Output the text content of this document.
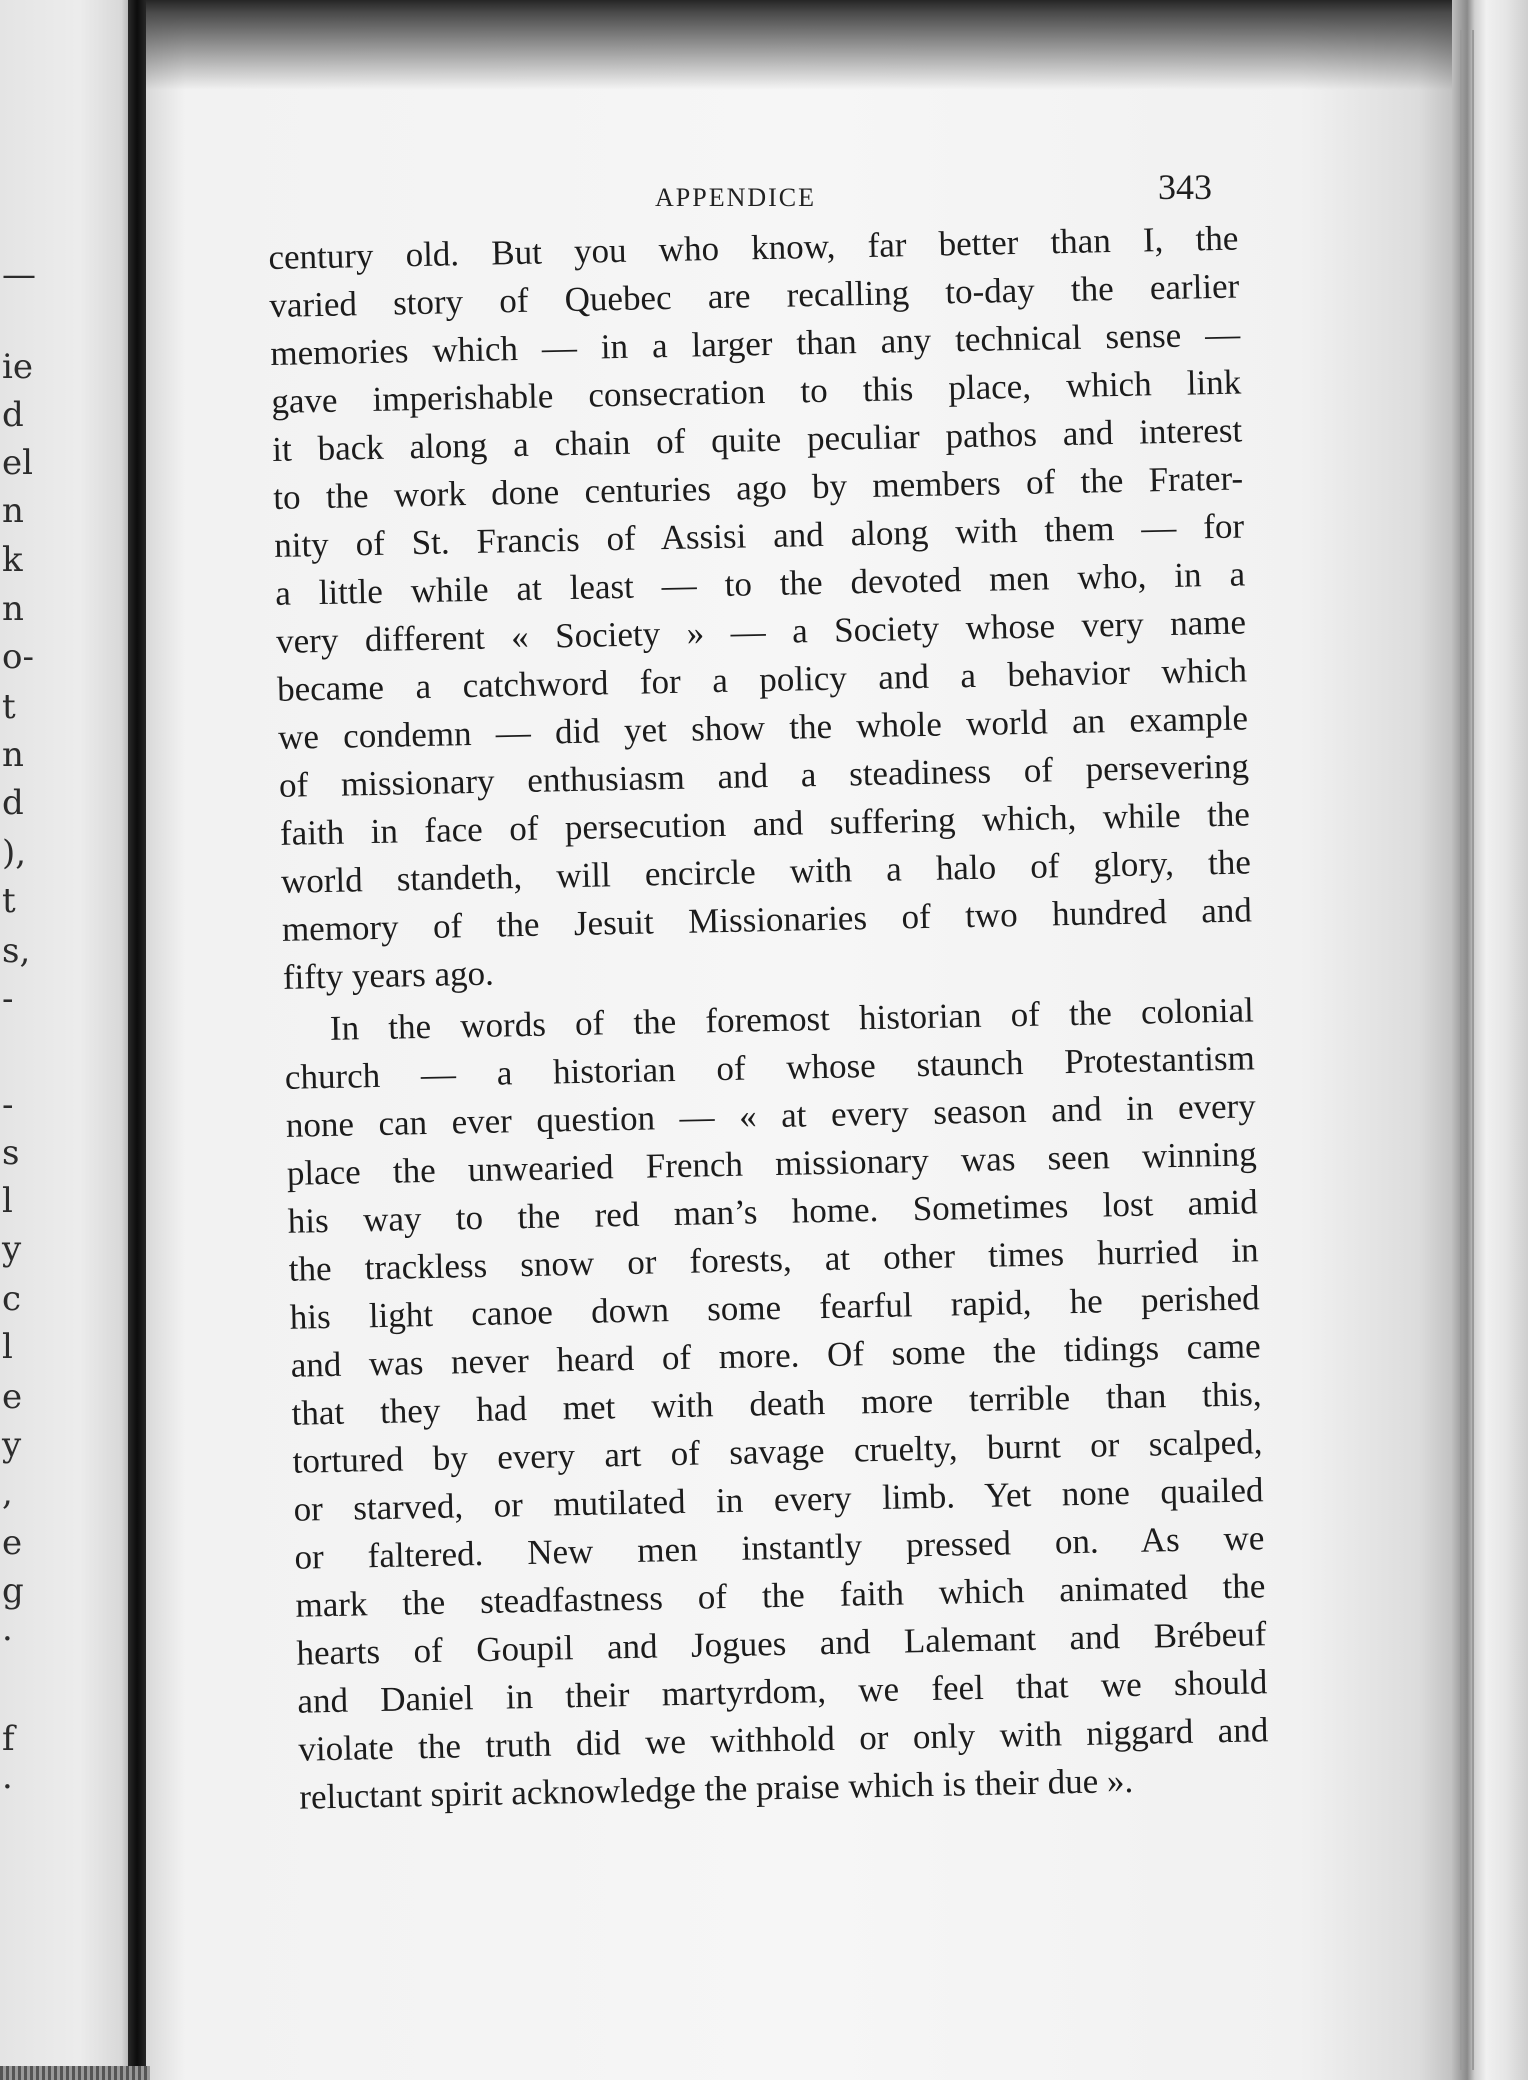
—
ie
d
el
n
k
n
o-
t
n
d
),
t
s,
-
-
s
l
y
c
l
e
y
,
e
g
·
f
·
APPENDICE	343
century old. But you who know, far better than I, the
varied story of Quebec are recalling to-day the earlier
memories which — in a larger than any technical sense —
gave imperishable consecration to this place, which link
it back along a chain of quite peculiar pathos and interest
to the work done centuries ago by members of the Frater-
nity of St. Francis of Assisi and along with them — for
a little while at least — to the devoted men who, in a
very different « Society » — a Society whose very name
became a catchword for a policy and a behavior which
we condemn — did yet show the whole world an example
of missionary enthusiasm and a steadiness of persevering
faith in face of persecution and suffering which, while the
world standeth, will encircle with a halo of glory, the
memory of the Jesuit Missionaries of two hundred and
fifty years ago.
In the words of the foremost historian of the colonial
church — a historian of whose staunch Protestantism
none can ever question — « at every season and in every
place the unwearied French missionary was seen winning
his way to the red man’s home. Sometimes lost amid
the trackless snow or forests, at other times hurried in
his light canoe down some fearful rapid, he perished
and was never heard of more. Of some the tidings came
that they had met with death more terrible than this,
tortured by every art of savage cruelty, burnt or scalped,
or starved, or mutilated in every limb. Yet none quailed
or faltered. New men instantly pressed on. As we
mark the steadfastness of the faith which animated the
hearts of Goupil and Jogues and Lalemant and Brébeuf
and Daniel in their martyrdom, we feel that we should
violate the truth did we withhold or only with niggard and
reluctant spirit acknowledge the praise which is their due ».
